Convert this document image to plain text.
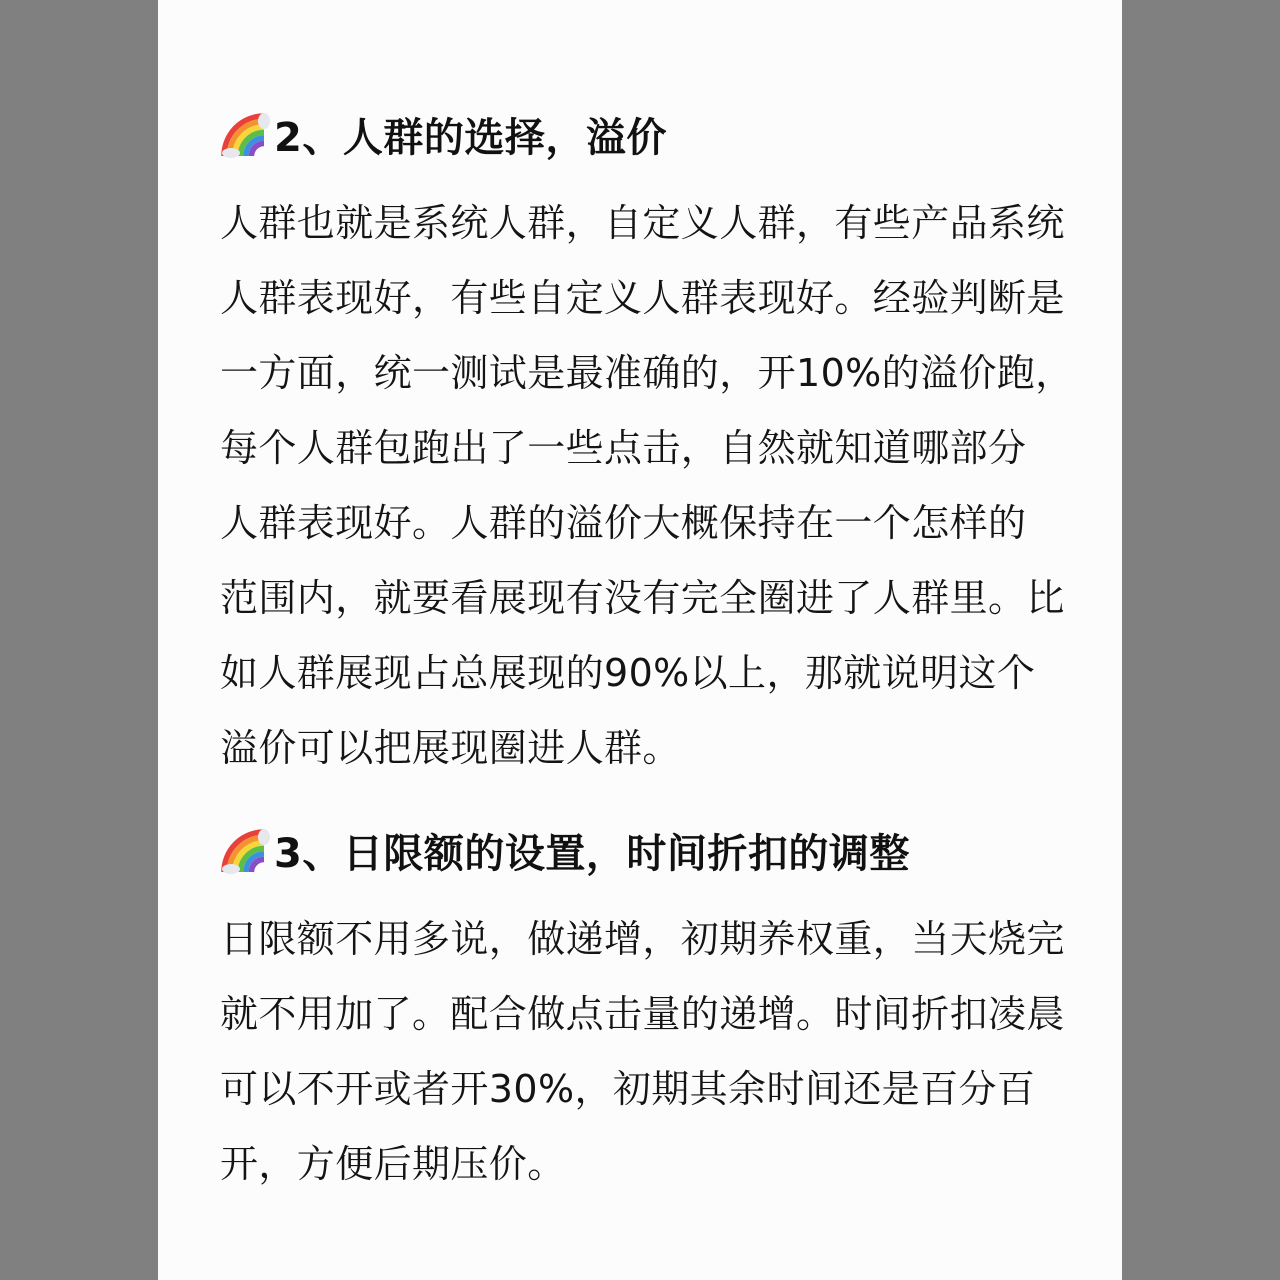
2、人群的选择，溢价

人群也就是系统人群，自定义人群，有些产品系统
人群表现好，有些自定义人群表现好。经验判断是
一方面，统一测试是最准确的，开10%的溢价跑，
每个人群包跑出了一些点击，自然就知道哪部分
人群表现好。人群的溢价大概保持在一个怎样的
范围内，就要看展现有没有完全圈进了人群里。比
如人群展现占总展现的90%以上，那就说明这个
溢价可以把展现圈进人群。

3、日限额的设置，时间折扣的调整

日限额不用多说，做递增，初期养权重，当天烧完
就不用加了。配合做点击量的递增。时间折扣凌晨
可以不开或者开30%，初期其余时间还是百分百
开，方便后期压价。
